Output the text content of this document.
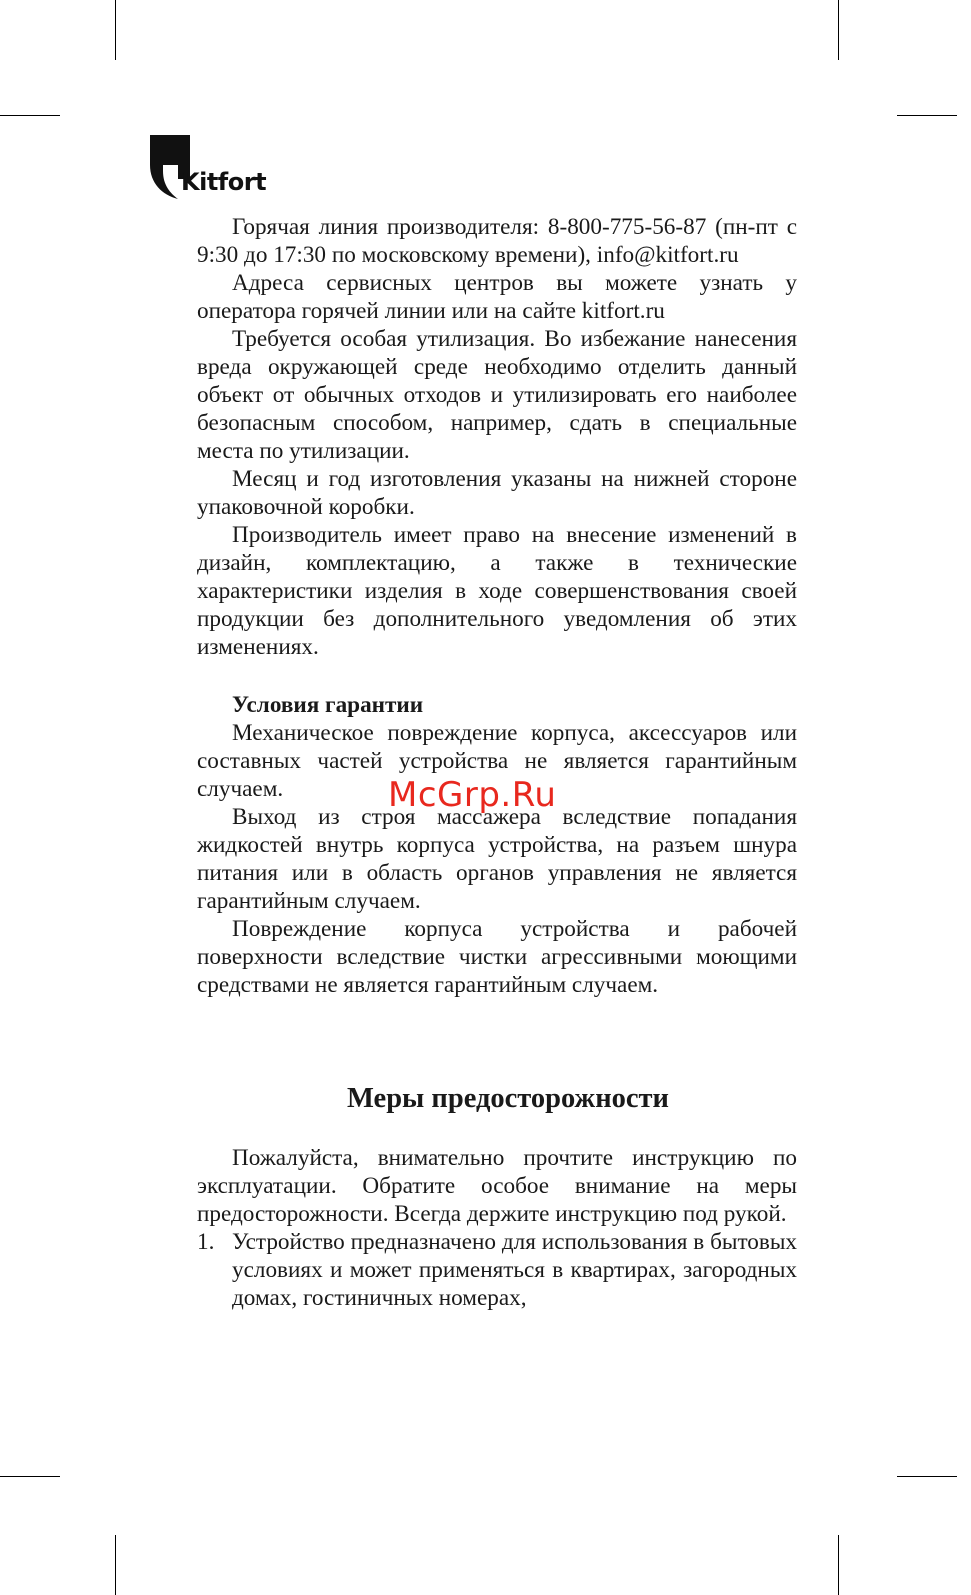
Kitfort

Горячая линия производителя: 8-800-775-56-87 (пн-пт с 9:30 до 17:30 по московскому времени), info@kitfort.ru

Адреса сервисных центров вы можете узнать у оператора горячей линии или на сайте kitfort.ru

Требуется особая утилизация. Во избежание нанесения вреда окружающей среде необходимо отделить данный объект от обычных отходов и утилизировать его наиболее безопасным способом, например, сдать в специальные места по утилизации.

Месяц и год изготовления указаны на нижней стороне упаковочной коробки.

Производитель имеет право на внесение изменений в дизайн, комплектацию, а также в технические характеристики изделия в ходе совершенствования своей продукции без дополнительного уведомления об этих изменениях.

Условия гарантии

Механическое повреждение корпуса, аксессуаров или составных частей устройства не является гарантийным случаем.

Выход из строя массажера вследствие попадания жидкостей внутрь корпуса устройства, на разъем шнура питания или в область органов управления не является гарантийным случаем.

Повреждение корпуса устройства и рабочей поверхности вследствие чистки агрессивными моющими средствами не является гарантийным случаем.

Меры предосторожности

Пожалуйста, внимательно прочтите инструкцию по эксплуатации. Обратите особое внимание на меры предосторожности. Всегда держите инструкцию под рукой.

1. Устройство предназначено для использования в бытовых условиях и может применяться в квартирах, загородных домах, гостиничных номерах,

McGrp.Ru
